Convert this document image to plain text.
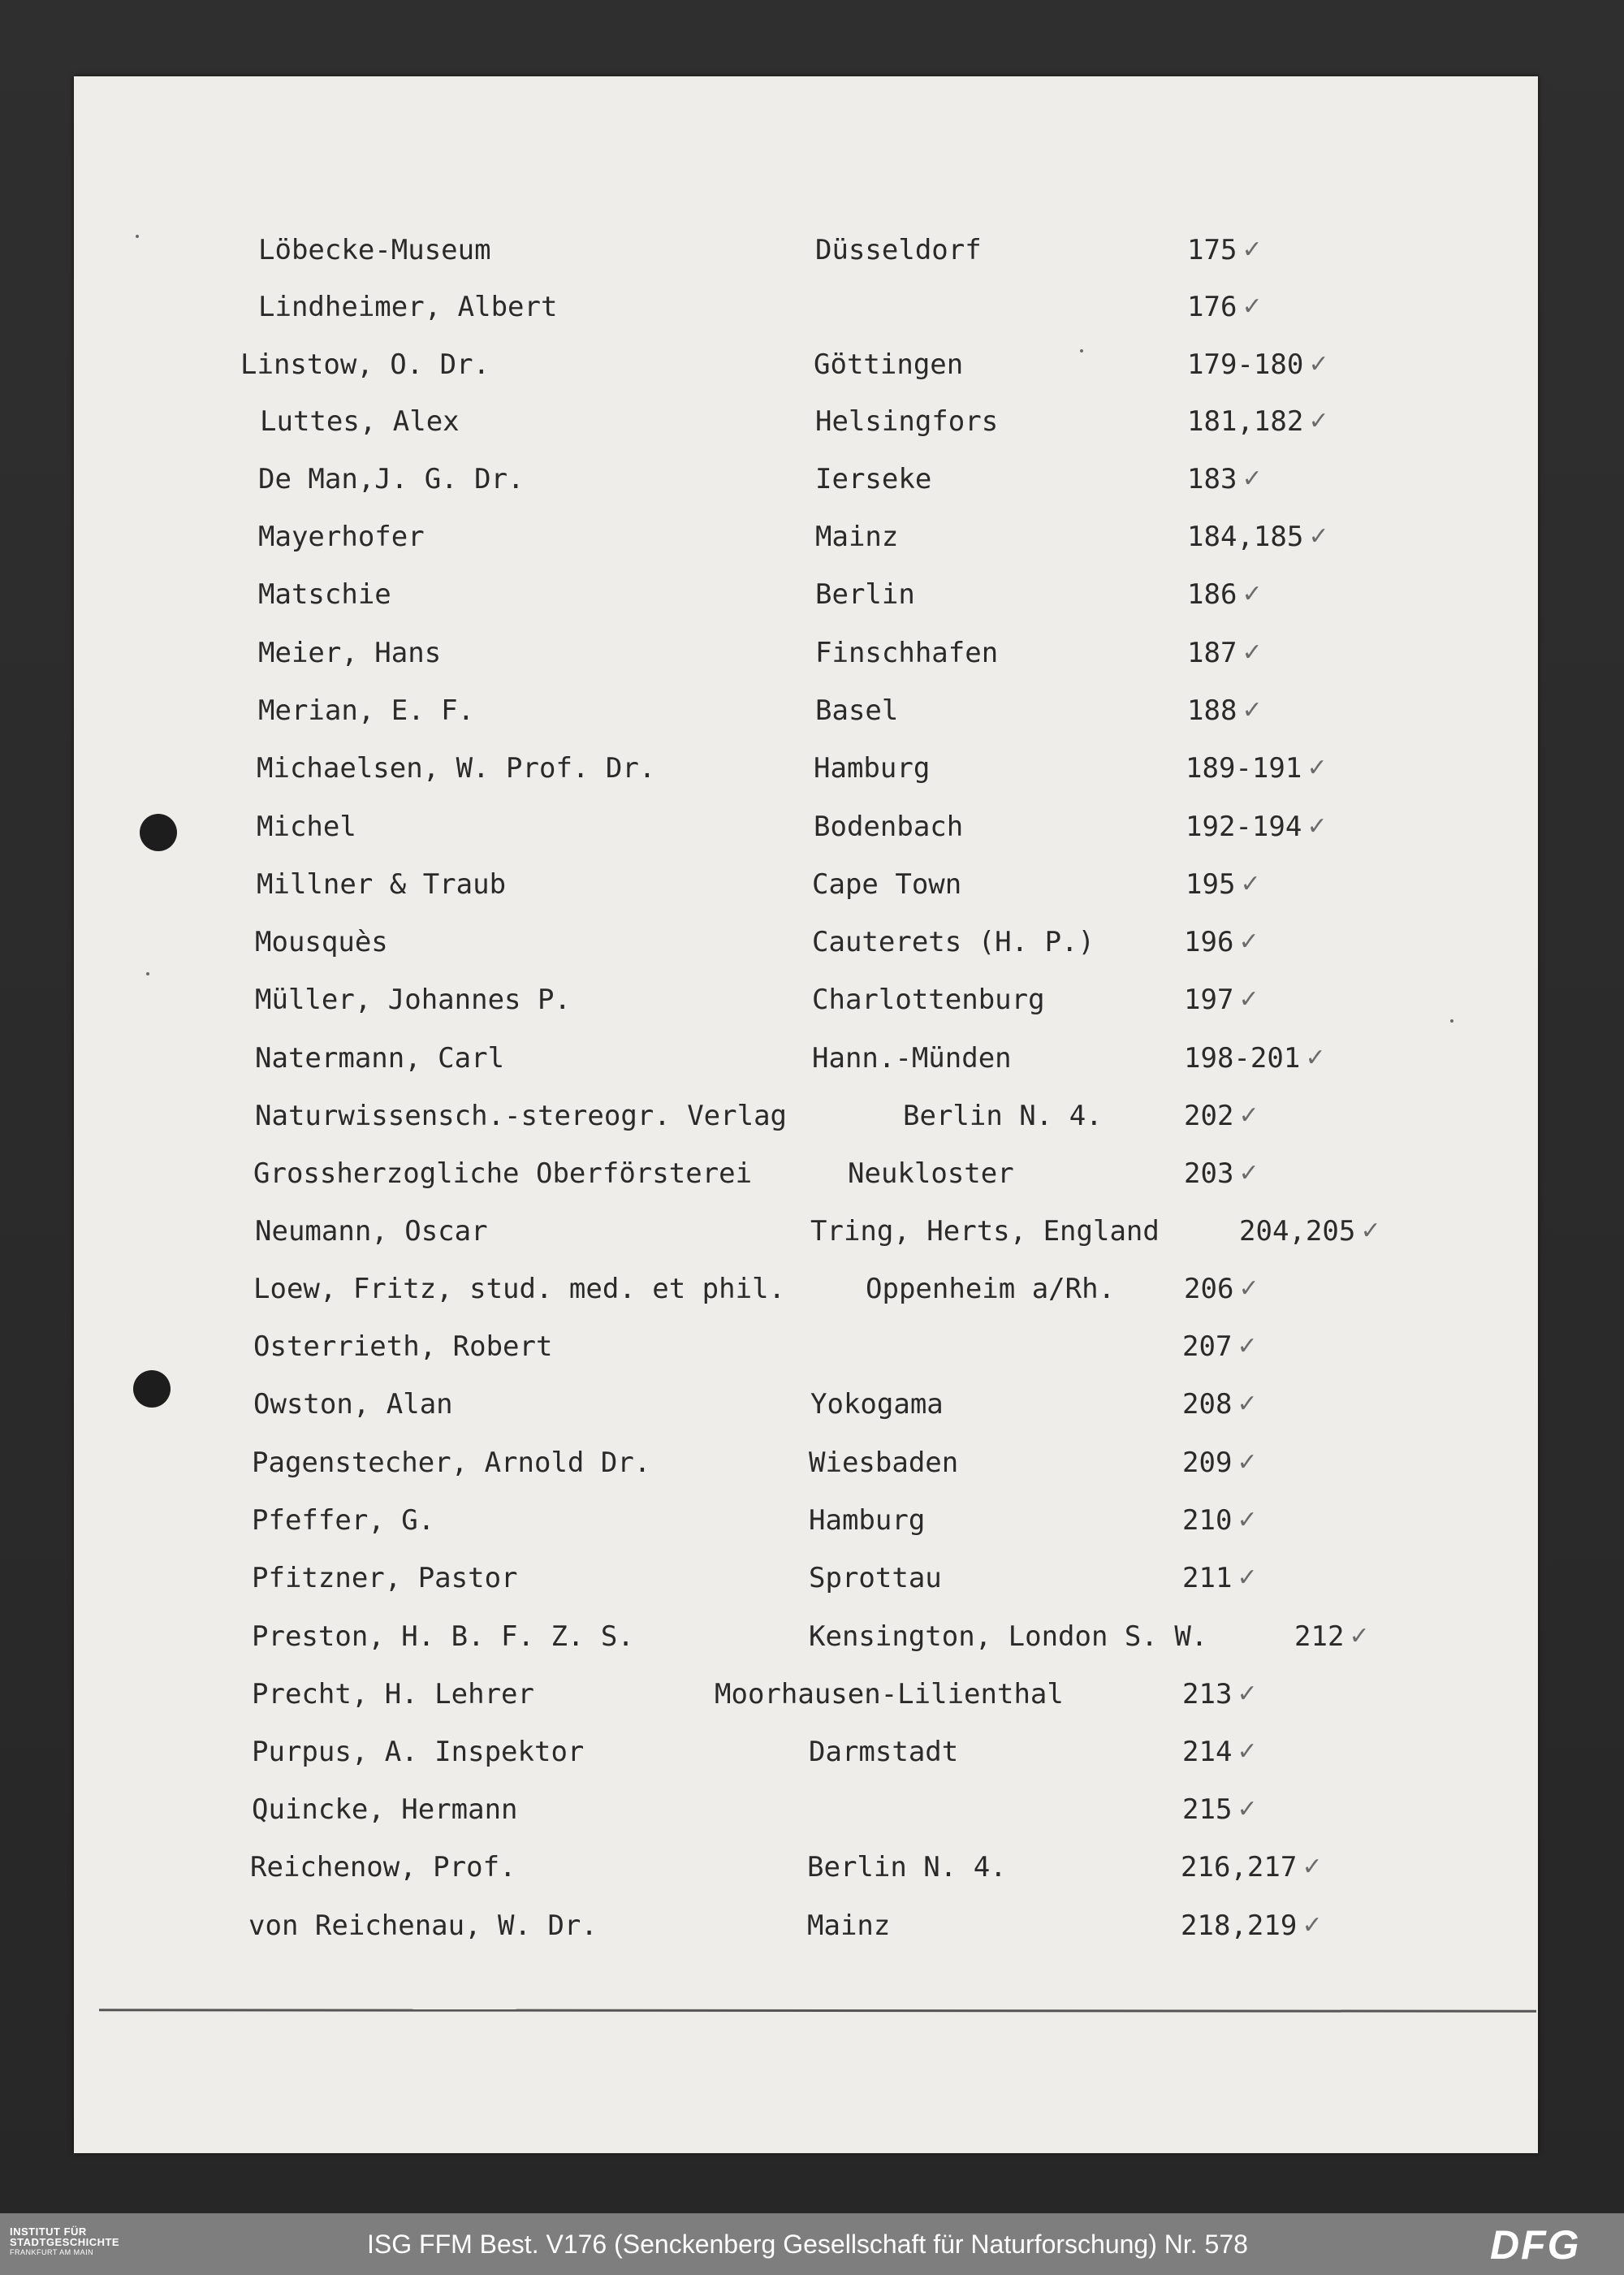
Löbecke-Museum	Düsseldorf	175 ✓
Lindheimer, Albert	176 ✓
Linstow, O. Dr.	Göttingen	179-180 ✓
Luttes, Alex	Helsingfors	181,182 ✓
De Man,J. G. Dr.	Ierseke	183 ✓
Mayerhofer	Mainz	184,185 ✓
Matschie	Berlin	186 ✓
Meier, Hans	Finschhafen	187 ✓
Merian, E. F.	Basel	188 ✓
Michaelsen, W. Prof. Dr.	Hamburg	189-191 ✓
Michel	Bodenbach	192-194 ✓
Millner & Traub	Cape Town	195 ✓
Mousquès	Cauterets (H. P.)	196 ✓
Müller, Johannes P.	Charlottenburg	197 ✓
Natermann, Carl	Hann.-Münden	198-201 ✓
Naturwissensch.-stereogr. Verlag	Berlin N. 4.	202 ✓
Grossherzogliche Oberförsterei	Neukloster	203 ✓
Neumann, Oscar	Tring, Herts, England	204,205 ✓
Loew, Fritz, stud. med. et phil.	Oppenheim a/Rh. 206 ✓
Osterrieth, Robert	207 ✓
Owston, Alan	Yokogama	208 ✓
Pagenstecher, Arnold Dr.	Wiesbaden	209 ✓
Pfeffer, G.	Hamburg	210 ✓
Pfitzner, Pastor	Sprottau	211 ✓
Preston, H. B. F. Z. S.	Kensington, London S. W.	212 ✓
Precht, H. Lehrer	Moorhausen-Lilienthal	213 ✓
Purpus, A. Inspektor	Darmstadt	214 ✓
Quincke, Hermann	215 ✓
Reichenow, Prof.	Berlin N. 4.	216,217 ✓
von Reichenau, W. Dr.	Mainz	218,219 ✓
INSTITUT FÜR
STADTGESCHICHTE
FRANKFURT AM MAIN	ISG FFM Best. V176 (Senckenberg Gesellschaft für Naturforschung) Nr. 578	DFG
